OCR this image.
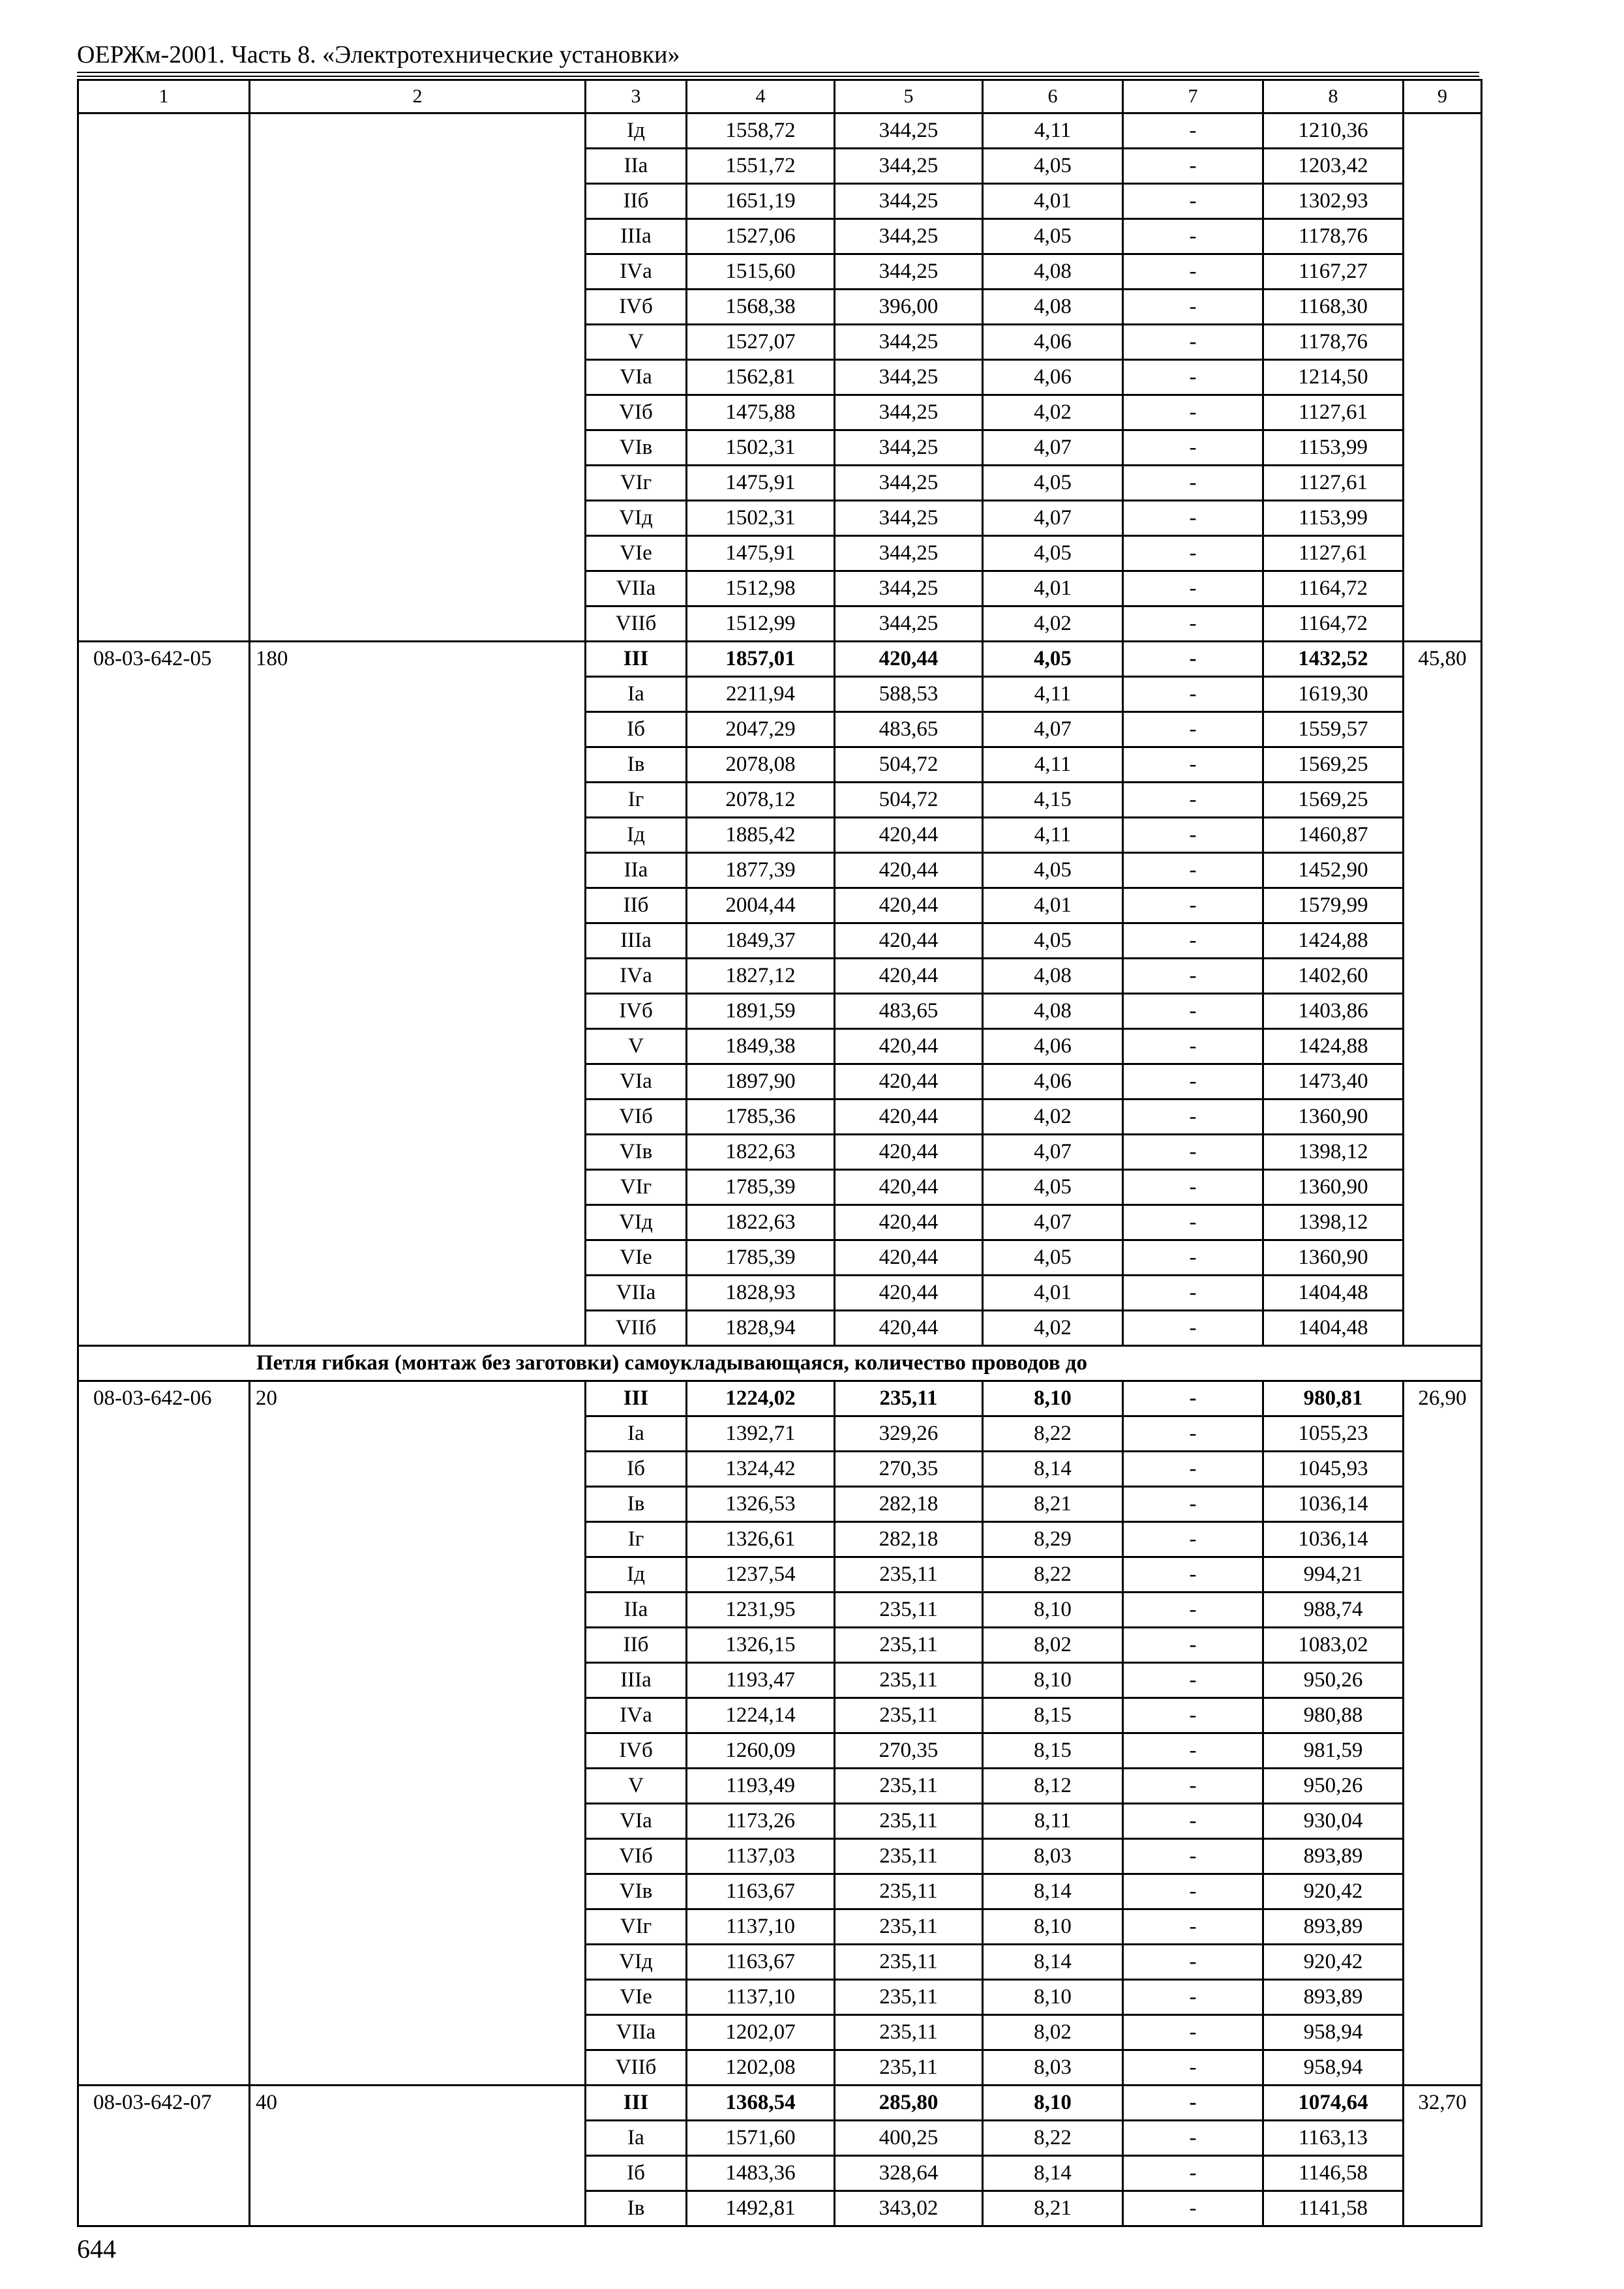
ОЕРЖм-2001. Часть 8. «Электротехнические установки»
1	2	3	4	5	6	7	8	9
		Iд	1558,72	344,25	4,11	-	1210,36	
		IIа	1551,72	344,25	4,05	-	1203,42	
		IIб	1651,19	344,25	4,01	-	1302,93	
		IIIа	1527,06	344,25	4,05	-	1178,76	
		IVа	1515,60	344,25	4,08	-	1167,27	
		IVб	1568,38	396,00	4,08	-	1168,30	
		V	1527,07	344,25	4,06	-	1178,76	
		VIа	1562,81	344,25	4,06	-	1214,50	
		VIб	1475,88	344,25	4,02	-	1127,61	
		VIв	1502,31	344,25	4,07	-	1153,99	
		VIг	1475,91	344,25	4,05	-	1127,61	
		VIд	1502,31	344,25	4,07	-	1153,99	
		VIе	1475,91	344,25	4,05	-	1127,61	
		VIIа	1512,98	344,25	4,01	-	1164,72	
		VIIб	1512,99	344,25	4,02	-	1164,72	
08-03-642-05	180	III	1857,01	420,44	4,05	-	1432,52	45,80
		Iа	2211,94	588,53	4,11	-	1619,30	
		Iб	2047,29	483,65	4,07	-	1559,57	
		Iв	2078,08	504,72	4,11	-	1569,25	
		Iг	2078,12	504,72	4,15	-	1569,25	
		Iд	1885,42	420,44	4,11	-	1460,87	
		IIа	1877,39	420,44	4,05	-	1452,90	
		IIб	2004,44	420,44	4,01	-	1579,99	
		IIIа	1849,37	420,44	4,05	-	1424,88	
		IVа	1827,12	420,44	4,08	-	1402,60	
		IVб	1891,59	483,65	4,08	-	1403,86	
		V	1849,38	420,44	4,06	-	1424,88	
		VIа	1897,90	420,44	4,06	-	1473,40	
		VIб	1785,36	420,44	4,02	-	1360,90	
		VIв	1822,63	420,44	4,07	-	1398,12	
		VIг	1785,39	420,44	4,05	-	1360,90	
		VIд	1822,63	420,44	4,07	-	1398,12	
		VIе	1785,39	420,44	4,05	-	1360,90	
		VIIа	1828,93	420,44	4,01	-	1404,48	
		VIIб	1828,94	420,44	4,02	-	1404,48	
Петля гибкая (монтаж без заготовки) самоукладывающаяся, количество проводов до								
08-03-642-06	20	III	1224,02	235,11	8,10	-	980,81	26,90
		Iа	1392,71	329,26	8,22	-	1055,23	
		Iб	1324,42	270,35	8,14	-	1045,93	
		Iв	1326,53	282,18	8,21	-	1036,14	
		Iг	1326,61	282,18	8,29	-	1036,14	
		Iд	1237,54	235,11	8,22	-	994,21	
		IIа	1231,95	235,11	8,10	-	988,74	
		IIб	1326,15	235,11	8,02	-	1083,02	
		IIIа	1193,47	235,11	8,10	-	950,26	
		IVа	1224,14	235,11	8,15	-	980,88	
		IVб	1260,09	270,35	8,15	-	981,59	
		V	1193,49	235,11	8,12	-	950,26	
		VIа	1173,26	235,11	8,11	-	930,04	
		VIб	1137,03	235,11	8,03	-	893,89	
		VIв	1163,67	235,11	8,14	-	920,42	
		VIг	1137,10	235,11	8,10	-	893,89	
		VIд	1163,67	235,11	8,14	-	920,42	
		VIе	1137,10	235,11	8,10	-	893,89	
		VIIа	1202,07	235,11	8,02	-	958,94	
		VIIб	1202,08	235,11	8,03	-	958,94	
08-03-642-07	40	III	1368,54	285,80	8,10	-	1074,64	32,70
		Iа	1571,60	400,25	8,22	-	1163,13	
		Iб	1483,36	328,64	8,14	-	1146,58	
		Iв	1492,81	343,02	8,21	-	1141,58	
644
